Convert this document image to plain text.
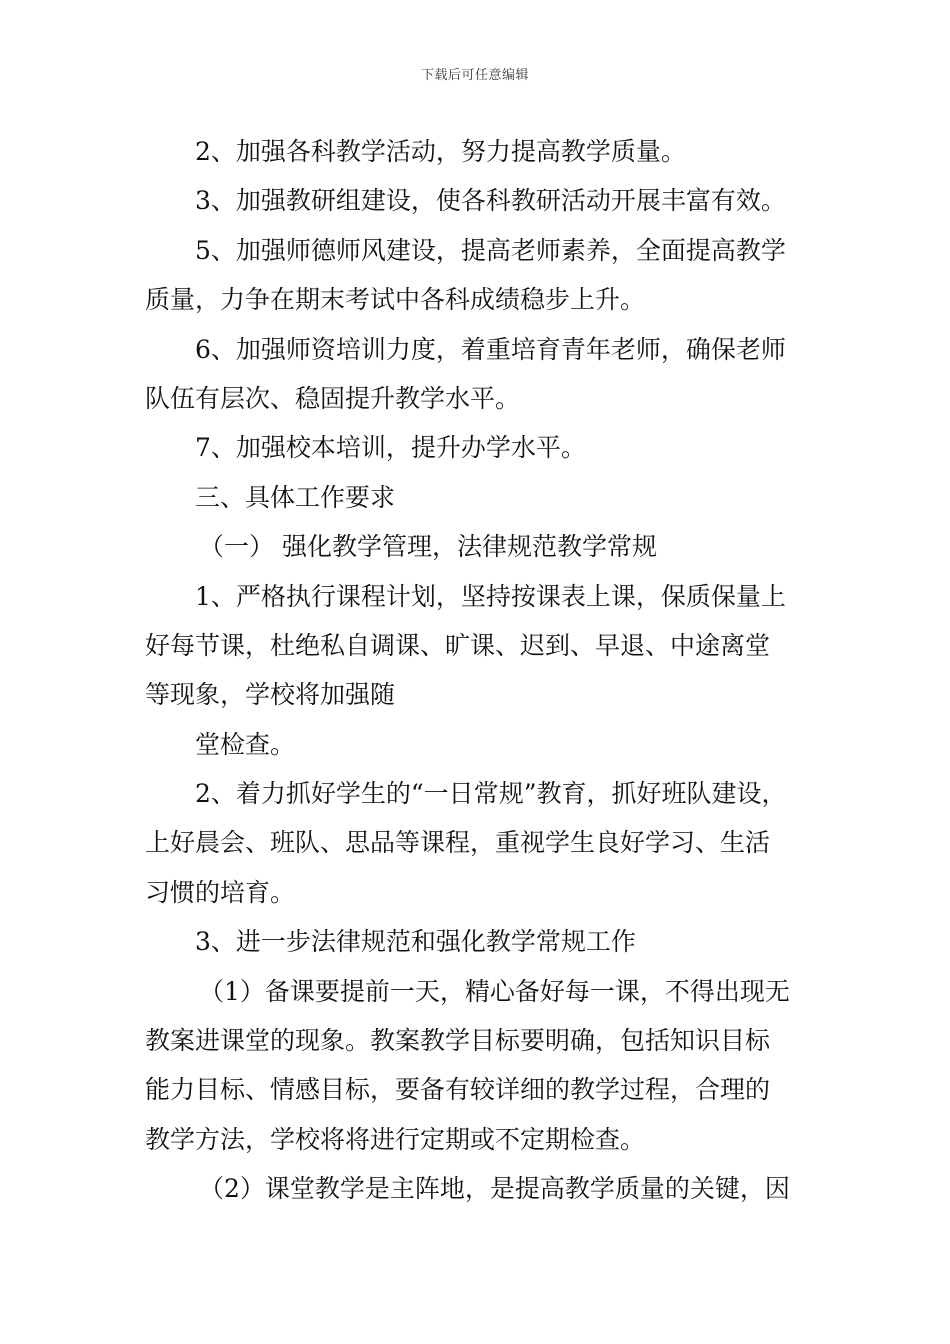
下载后可任意编辑
2、加强各科教学活动，努力提高教学质量。
3、加强教研组建设，使各科教研活动开展丰富有效。
5、加强师德师风建设，提高老师素养，全面提高教学
质量，力争在期末考试中各科成绩稳步上升。
6、加强师资培训力度，着重培育青年老师，确保老师
队伍有层次、稳固提升教学水平。
7、加强校本培训，提升办学水平。
三、具体工作要求
（一） 强化教学管理，法律规范教学常规
1、严格执行课程计划，坚持按课表上课，保质保量上
好每节课，杜绝私自调课、旷课、迟到、早退、中途离堂
等现象，学校将加强随
堂检查。
2、着力抓好学生的“一日常规”教育，抓好班队建设，
上好晨会、班队、思品等课程，重视学生良好学习、生活
习惯的培育。
3、进一步法律规范和强化教学常规工作
（1）备课要提前一天，精心备好每一课，不得出现无
教案进课堂的现象。教案教学目标要明确，包括知识目标
能力目标、情感目标，要备有较详细的教学过程，合理的
教学方法，学校将将进行定期或不定期检查。
（2）课堂教学是主阵地，是提高教学质量的关键，因
